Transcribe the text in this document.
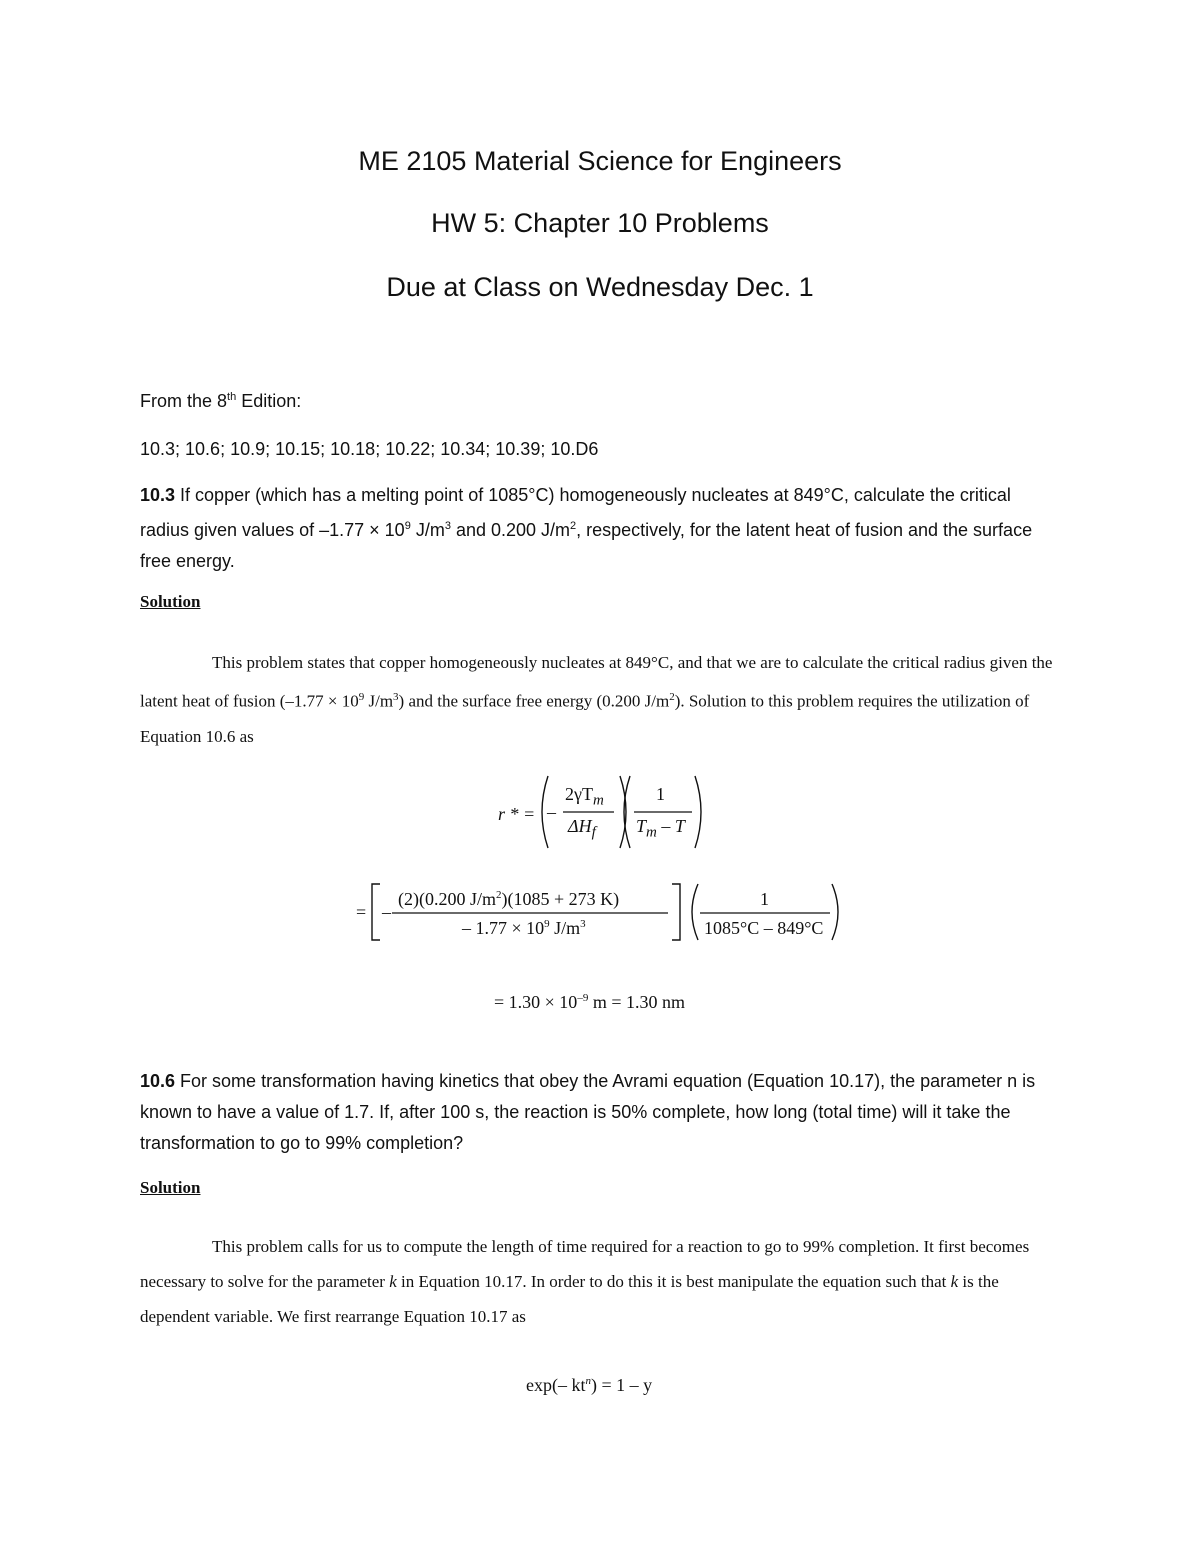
ME 2105 Material Science for Engineers
HW 5: Chapter 10 Problems
Due at Class on Wednesday Dec. 1
From the 8th Edition:
10.3; 10.6; 10.9; 10.15; 10.18; 10.22; 10.34; 10.39; 10.D6
10.3 If copper (which has a melting point of 1085°C) homogeneously nucleates at 849°C, calculate the critical radius given values of $-1.77 \times 10^9$ $J/m^3$ and 0.200 $J/m^2$, respectively, for the latent heat of fusion and the surface free energy.
Solution
This problem states that copper homogeneously nucleates at 849°C, and that we are to calculate the critical radius given the latent heat of fusion ($-1.77 \times 10^9$ $J/m^3$) and the surface free energy (0.200 $J/m^2$). Solution to this problem requires the utilization of Equation 10.6 as
r * = –
$2\gamma T_m$
$\Delta H_f$
1
$T_m$ – T
= –
(2)(0.200 $J/m^2)(1085 + 273$ K)
– $1.77 \times 10^9$ $J/m^3$
1
1085°C – 849°C
= $1.30 \times 10^{-9}$ m = 1.30 nm
10.6 For some transformation having kinetics that obey the Avrami equation (Equation 10.17), the parameter n is known to have a value of 1.7. If, after 100 s, the reaction is 50% complete, how long (total time) will it take the transformation to go to 99% completion?
Solution
This problem calls for us to compute the length of time required for a reaction to go to 99% completion. It first becomes necessary to solve for the parameter k in Equation 10.17. In order to do this it is best manipulate the equation such that k is the dependent variable. We first rearrange Equation 10.17 as
exp(– $kt^n) = 1 - y$
